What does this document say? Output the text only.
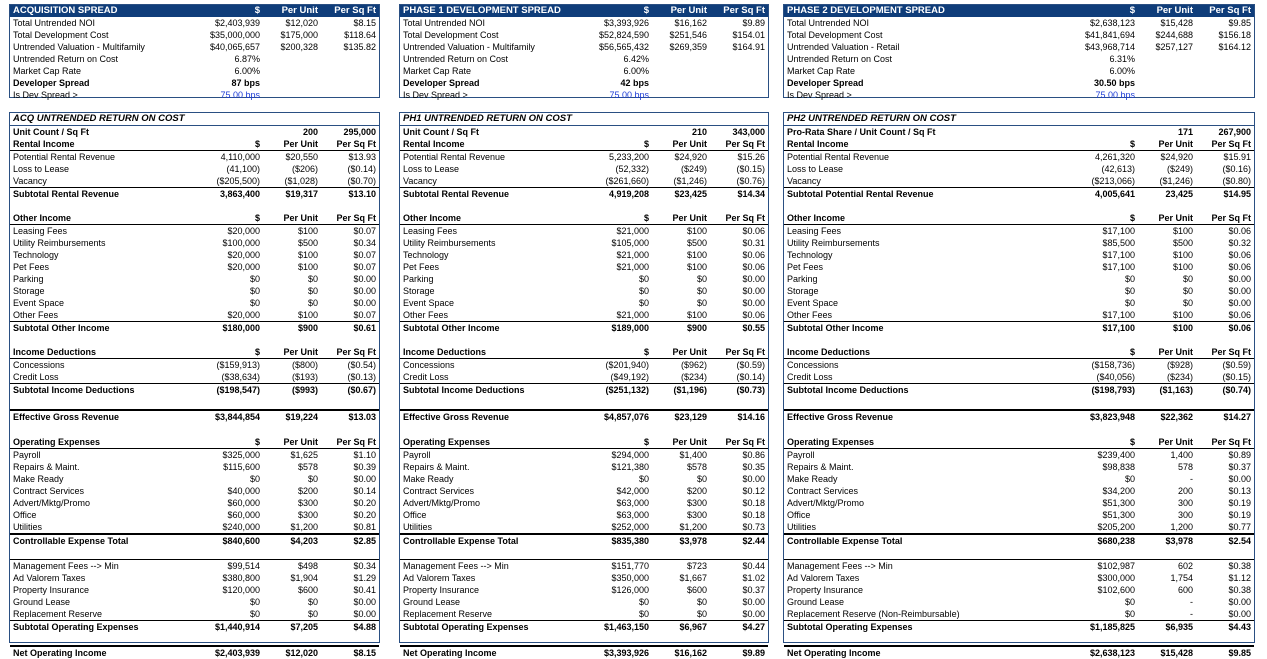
ACQUISITION SPREAD	$	Per Unit	Per Sq Ft
Total Untrended NOI	$2,403,939	$12,020	$8.15
Total Development Cost	$35,000,000	$175,000	$118.64
Untrended Valuation - Multifamily	$40,065,657	$200,328	$135.82
Untrended Return on Cost	6.87%
Market Cap Rate	6.00%
Developer Spread	87 bps
Is Dev Spread >	75.00 bps
ACQ UNTRENDED RETURN ON COST
Unit Count / Sq Ft	200	295,000
Rental Income	$	Per Unit	Per Sq Ft
Potential Rental Revenue	4,110,000	$20,550	$13.93
Loss to Lease	(41,100)	($206)	($0.14)
Vacancy	($205,500)	($1,028)	($0.70)
Subtotal Rental Revenue	3,863,400	$19,317	$13.10
Other Income	$	Per Unit	Per Sq Ft
Leasing Fees	$20,000	$100	$0.07
Utility Reimbursements	$100,000	$500	$0.34
Technology	$20,000	$100	$0.07
Pet Fees	$20,000	$100	$0.07
Parking	$0	$0	$0.00
Storage	$0	$0	$0.00
Event Space	$0	$0	$0.00
Other Fees	$20,000	$100	$0.07
Subtotal Other Income	$180,000	$900	$0.61
Income Deductions	$	Per Unit	Per Sq Ft
Concessions	($159,913)	($800)	($0.54)
Credit Loss	($38,634)	($193)	($0.13)
Subtotal Income Deductions	($198,547)	($993)	($0.67)
Effective Gross Revenue	$3,844,854	$19,224	$13.03
Operating Expenses	$	Per Unit	Per Sq Ft
Payroll	$325,000	$1,625	$1.10
Repairs & Maint.	$115,600	$578	$0.39
Make Ready	$0	$0	$0.00
Contract Services	$40,000	$200	$0.14
Advert/Mktg/Promo	$60,000	$300	$0.20
Office	$60,000	$300	$0.20
Utilities	$240,000	$1,200	$0.81
Controllable Expense Total	$840,600	$4,203	$2.85
Management Fees --> Min	$99,514	$498	$0.34
Ad Valorem Taxes	$380,800	$1,904	$1.29
Property Insurance	$120,000	$600	$0.41
Ground Lease	$0	$0	$0.00
Replacement Reserve	$0	$0	$0.00
Subtotal Operating Expenses	$1,440,914	$7,205	$4.88
Net Operating Income	$2,403,939	$12,020	$8.15
PHASE 1 DEVELOPMENT SPREAD	$	Per Unit	Per Sq Ft
Total Untrended NOI	$3,393,926	$16,162	$9.89
Total Development Cost	$52,824,590	$251,546	$154.01
Untrended Valuation - Multifamily	$56,565,432	$269,359	$164.91
Untrended Return on Cost	6.42%
Market Cap Rate	6.00%
Developer Spread	42 bps
Is Dev Spread >	75.00 bps
PH1 UNTRENDED RETURN ON COST
Unit Count / Sq Ft	210	343,000
Rental Income	$	Per Unit	Per Sq Ft
Potential Rental Revenue	5,233,200	$24,920	$15.26
Loss to Lease	(52,332)	($249)	($0.15)
Vacancy	($261,660)	($1,246)	($0.76)
Subtotal Rental Revenue	4,919,208	$23,425	$14.34
Other Income	$	Per Unit	Per Sq Ft
Leasing Fees	$21,000	$100	$0.06
Utility Reimbursements	$105,000	$500	$0.31
Technology	$21,000	$100	$0.06
Pet Fees	$21,000	$100	$0.06
Parking	$0	$0	$0.00
Storage	$0	$0	$0.00
Event Space	$0	$0	$0.00
Other Fees	$21,000	$100	$0.06
Subtotal Other Income	$189,000	$900	$0.55
Income Deductions	$	Per Unit	Per Sq Ft
Concessions	($201,940)	($962)	($0.59)
Credit Loss	($49,192)	($234)	($0.14)
Subtotal Income Deductions	($251,132)	($1,196)	($0.73)
Effective Gross Revenue	$4,857,076	$23,129	$14.16
Operating Expenses	$	Per Unit	Per Sq Ft
Payroll	$294,000	$1,400	$0.86
Repairs & Maint.	$121,380	$578	$0.35
Make Ready	$0	$0	$0.00
Contract Services	$42,000	$200	$0.12
Advert/Mktg/Promo	$63,000	$300	$0.18
Office	$63,000	$300	$0.18
Utilities	$252,000	$1,200	$0.73
Controllable Expense Total	$835,380	$3,978	$2.44
Management Fees --> Min	$151,770	$723	$0.44
Ad Valorem Taxes	$350,000	$1,667	$1.02
Property Insurance	$126,000	$600	$0.37
Ground Lease	$0	$0	$0.00
Replacement Reserve	$0	$0	$0.00
Subtotal Operating Expenses	$1,463,150	$6,967	$4.27
Net Operating Income	$3,393,926	$16,162	$9.89
PHASE 2 DEVELOPMENT SPREAD	$	Per Unit	Per Sq Ft
Total Untrended NOI	$2,638,123	$15,428	$9.85
Total Development Cost	$41,841,694	$244,688	$156.18
Untrended Valuation - Retail	$43,968,714	$257,127	$164.12
Untrended Return on Cost	6.31%
Market Cap Rate	6.00%
Developer Spread	30.50 bps
Is Dev Spread >	75.00 bps
PH2 UNTRENDED RETURN ON COST
Pro-Rata Share / Unit Count / Sq Ft	171	267,900
Rental Income	$	Per Unit	Per Sq Ft
Potential Rental Revenue	4,261,320	$24,920	$15.91
Loss to Lease	(42,613)	($249)	($0.16)
Vacancy	($213,066)	($1,246)	($0.80)
Subtotal Potential Rental Revenue	4,005,641	23,425	$14.95
Other Income	$	Per Unit	Per Sq Ft
Leasing Fees	$17,100	$100	$0.06
Utility Reimbursements	$85,500	$500	$0.32
Technology	$17,100	$100	$0.06
Pet Fees	$17,100	$100	$0.06
Parking	$0	$0	$0.00
Storage	$0	$0	$0.00
Event Space	$0	$0	$0.00
Other Fees	$17,100	$100	$0.06
Subtotal Other Income	$17,100	$100	$0.06
Income Deductions	$	Per Unit	Per Sq Ft
Concessions	($158,736)	($928)	($0.59)
Credit Loss	($40,056)	($234)	($0.15)
Subtotal Income Deductions	($198,793)	($1,163)	($0.74)
Effective Gross Revenue	$3,823,948	$22,362	$14.27
Operating Expenses	$	Per Unit	Per Sq Ft
Payroll	$239,400	1,400	$0.89
Repairs & Maint.	$98,838	578	$0.37
Make Ready	$0	-	$0.00
Contract Services	$34,200	200	$0.13
Advert/Mktg/Promo	$51,300	300	$0.19
Office	$51,300	300	$0.19
Utilities	$205,200	1,200	$0.77
Controllable Expense Total	$680,238	$3,978	$2.54
Management Fees --> Min	$102,987	602	$0.38
Ad Valorem Taxes	$300,000	1,754	$1.12
Property Insurance	$102,600	600	$0.38
Ground Lease	$0	-	$0.00
Replacement Reserve (Non-Reimbursable)	$0	-	$0.00
Subtotal Operating Expenses	$1,185,825	$6,935	$4.43
Net Operating Income	$2,638,123	$15,428	$9.85
